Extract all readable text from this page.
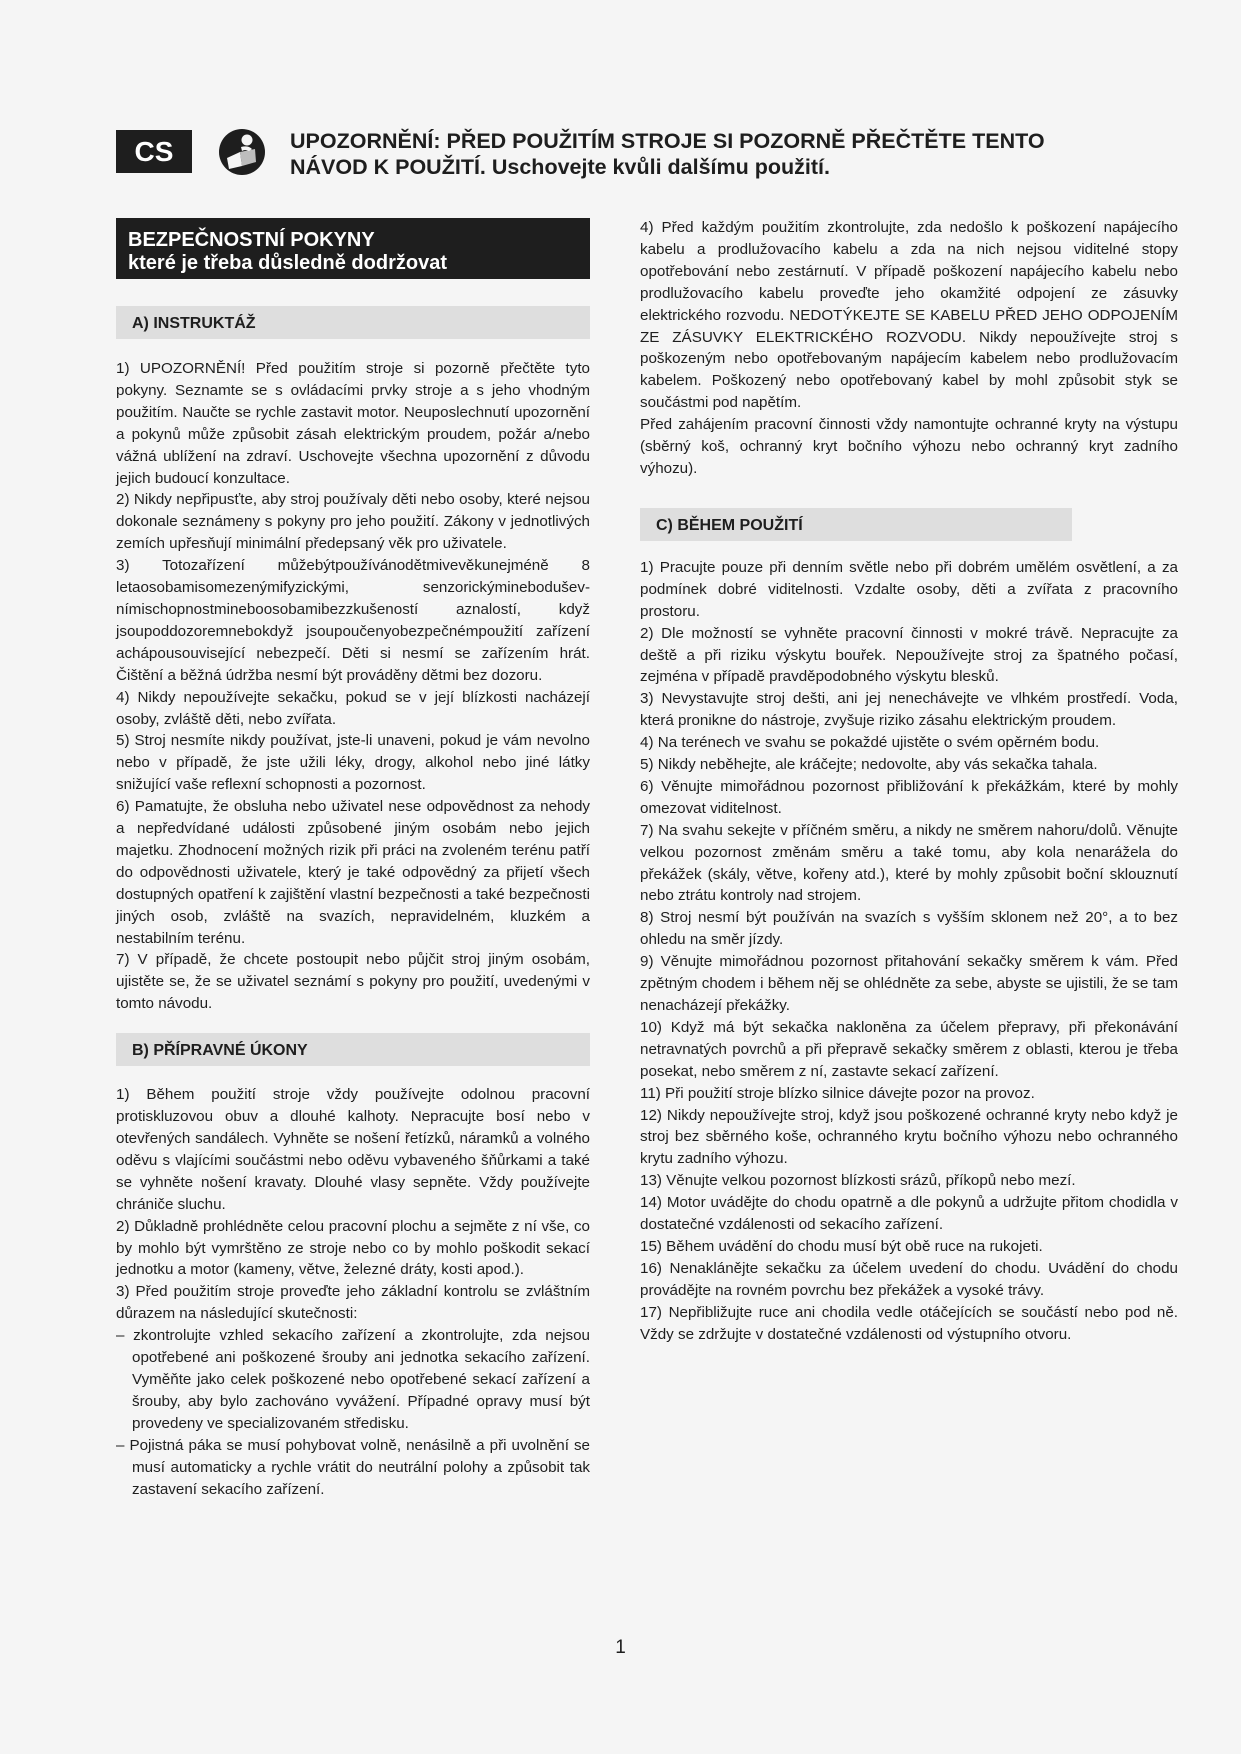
CS	UPOZORNĚNÍ: PŘED POUŽITÍM STROJE SI POZORNĚ PŘEČTĚTE TENTO
NÁVOD K POUŽITÍ. Uschovejte kvůli dalšímu použití.
BEZPEČNOSTNÍ POKYNY
které je třeba důsledně dodržovat
A) INSTRUKTÁŽ

1) UPOZORNĚNÍ! Před použitím stroje si pozorně přečtěte tyto pokyny. Seznamte se s ovládacími prvky stroje a s jeho vhodným použitím. Naučte se rychle zastavit motor. Neuposlechnutí upozornění a pokynů může způsobit zásah elektrickým proudem, požár a/nebo vážná ublížení na zdraví. Uschovejte všechna upozornění z důvodu jejich budoucí konzultace.

2) Nikdy nepřipusťte, aby stroj používaly děti nebo osoby, které nejsou dokonale seznámeny s pokyny pro jeho použití. Zákony v jednotlivých zemích upřesňují minimální předepsaný věk pro uživatele.

3) Totozařízení můžebýtpoužívánodětmivevěkunejméně 8 letaosobamisomezenýmifyzickými, senzorickýmineboduševnímischopnostmineboosobamibezzkušeností aznalostí, když jsoupoddozoremnebokdyž jsoupoučenyobezpečnémpoužití zařízení achápousouvisející nebezpečí. Děti si nesmí se zařízením hrát. Čištění a běžná údržba nesmí být prováděny dětmi bez dozoru.

4) Nikdy nepoužívejte sekačku, pokud se v její blízkosti nacházejí osoby, zvláště děti, nebo zvířata.

5) Stroj nesmíte nikdy používat, jste-li unaveni, pokud je vám nevolno nebo v případě, že jste užili léky, drogy, alkohol nebo jiné látky snižující vaše reflexní schopnosti a pozornost.

6) Pamatujte, že obsluha nebo uživatel nese odpovědnost za nehody a nepředvídané události způsobené jiným osobám nebo jejich majetku. Zhodnocení možných rizik při práci na zvoleném terénu patří do odpovědnosti uživatele, který je také odpovědný za přijetí všech dostupných opatření k zajištění vlastní bezpečnosti a také bezpečnosti jiných osob, zvláště na svazích, nepravidelném, kluzkém a nestabilním terénu.

7) V případě, že chcete postoupit nebo půjčit stroj jiným osobám, ujistěte se, že se uživatel seznámí s pokyny pro použití, uvedenými v tomto návodu.

B) PŘÍPRAVNÉ ÚKONY

1) Během použití stroje vždy používejte odolnou pracovní protiskluzovou obuv a dlouhé kalhoty. Nepracujte bosí nebo v otevřených sandálech. Vyhněte se nošení řetízků, náramků a volného oděvu s vlajícími součástmi nebo oděvu vybaveného šňůrkami a také se vyhněte nošení kravaty. Dlouhé vlasy sepněte. Vždy používejte chrániče sluchu.

2) Důkladně prohlédněte celou pracovní plochu a sejměte z ní vše, co by mohlo být vymrštěno ze stroje nebo co by mohlo poškodit sekací jednotku a motor (kameny, větve, železné dráty, kosti apod.).

3) Před použitím stroje proveďte jeho základní kontrolu se zvláštním důrazem na následující skutečnosti:

– zkontrolujte vzhled sekacího zařízení a zkontrolujte, zda nejsou opotřebené ani poškozené šrouby ani jednotka sekacího zařízení. Vyměňte jako celek poškozené nebo opotřebené sekací zařízení a šrouby, aby bylo zachováno vyvážení. Případné opravy musí být provedeny ve specializovaném středisku.

– Pojistná páka se musí pohybovat volně, nenásilně a při uvolnění se musí automaticky a rychle vrátit do neutrální polohy a způsobit tak zastavení sekacího zařízení.

4) Před každým použitím zkontrolujte, zda nedošlo k poškození napájecího kabelu a prodlužovacího kabelu a zda na nich nejsou viditelné stopy opotřebování nebo zestárnutí. V případě poškození napájecího kabelu nebo prodlužovacího kabelu proveďte jeho okamžité odpojení ze zásuvky elektrického rozvodu. NEDOTÝKEJTE SE KABELU PŘED JEHO ODPOJENÍM ZE ZÁSUVKY ELEKTRICKÉHO ROZVODU. Nikdy nepoužívejte stroj s poškozeným nebo opotřebovaným napájecím kabelem nebo prodlužovacím kabelem. Poškozený nebo opotřebovaný kabel by mohl způsobit styk se součástmi pod napětím.

Před zahájením pracovní činnosti vždy namontujte ochranné kryty na výstupu (sběrný koš, ochranný kryt bočního výhozu nebo ochranný kryt zadního výhozu).

C) BĚHEM POUŽITÍ

1) Pracujte pouze při denním světle nebo při dobrém umělém osvětlení, a za podmínek dobré viditelnosti. Vzdalte osoby, děti a zvířata z pracovního prostoru.

2) Dle možností se vyhněte pracovní činnosti v mokré trávě. Nepracujte za deště a při riziku výskytu bouřek. Nepoužívejte stroj za špatného počasí, zejména v případě pravděpodobného výskytu blesků.

3) Nevystavujte stroj dešti, ani jej nenechávejte ve vlhkém prostředí. Voda, která pronikne do nástroje, zvyšuje riziko zásahu elektrickým proudem.

4) Na terénech ve svahu se pokaždé ujistěte o svém opěrném bodu.

5) Nikdy neběhejte, ale kráčejte; nedovolte, aby vás sekačka tahala.

6) Věnujte mimořádnou pozornost přibližování k překážkám, které by mohly omezovat viditelnost.

7) Na svahu sekejte v příčném směru, a nikdy ne směrem nahoru/dolů. Věnujte velkou pozornost změnám směru a také tomu, aby kola nenarážela do překážek (skály, větve, kořeny atd.), které by mohly způsobit boční sklouznutí nebo ztrátu kontroly nad strojem.

8) Stroj nesmí být používán na svazích s vyšším sklonem než 20°, a to bez ohledu na směr jízdy.

9) Věnujte mimořádnou pozornost přitahování sekačky směrem k vám. Před zpětným chodem i během něj se ohlédněte za sebe, abyste se ujistili, že se tam nenacházejí překážky.

10) Když má být sekačka nakloněna za účelem přepravy, při překonávání netravnatých povrchů a při přepravě sekačky směrem z oblasti, kterou je třeba posekat, nebo směrem z ní, zastavte sekací zařízení.

11) Při použití stroje blízko silnice dávejte pozor na provoz.

12) Nikdy nepoužívejte stroj, když jsou poškozené ochranné kryty nebo když je stroj bez sběrného koše, ochranného krytu bočního výhozu nebo ochranného krytu zadního výhozu.

13) Věnujte velkou pozornost blízkosti srázů, příkopů nebo mezí.

14) Motor uvádějte do chodu opatrně a dle pokynů a udržujte přitom chodidla v dostatečné vzdálenosti od sekacího zařízení.

15) Během uvádění do chodu musí být obě ruce na rukojeti.

16) Nenaklánějte sekačku za účelem uvedení do chodu. Uvádění do chodu provádějte na rovném povrchu bez překážek a vysoké trávy.

17) Nepřibližujte ruce ani chodila vedle otáčejících se součástí nebo pod ně. Vždy se zdržujte v dostatečné vzdálenosti od výstupního otvoru.

1
